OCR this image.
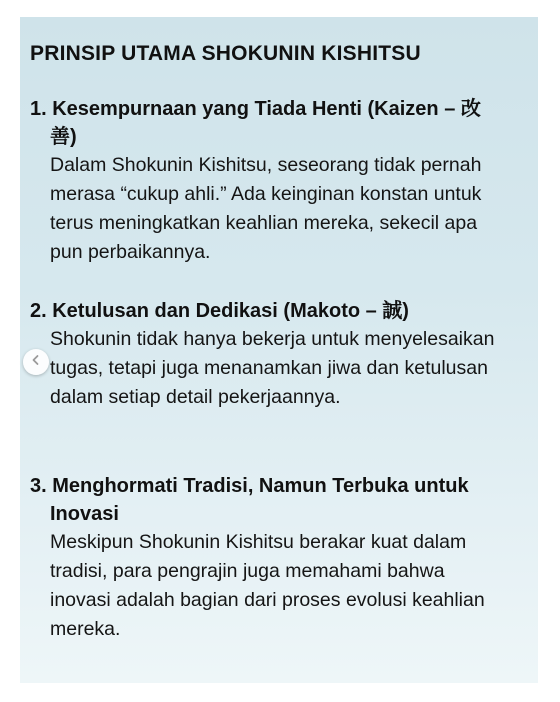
PRINSIP UTAMA SHOKUNIN KISHITSU
1. Kesempurnaan yang Tiada Henti (Kaizen – 改善)
Dalam Shokunin Kishitsu, seseorang tidak pernah merasa “cukup ahli.” Ada keinginan konstan untuk terus meningkatkan keahlian mereka, sekecil apa pun perbaikannya.
2. Ketulusan dan Dedikasi (Makoto – 誠)
Shokunin tidak hanya bekerja untuk menyelesaikan tugas, tetapi juga menanamkan jiwa dan ketulusan dalam setiap detail pekerjaannya.
3. Menghormati Tradisi, Namun Terbuka untuk Inovasi
Meskipun Shokunin Kishitsu berakar kuat dalam tradisi, para pengrajin juga memahami bahwa inovasi adalah bagian dari proses evolusi keahlian mereka.
